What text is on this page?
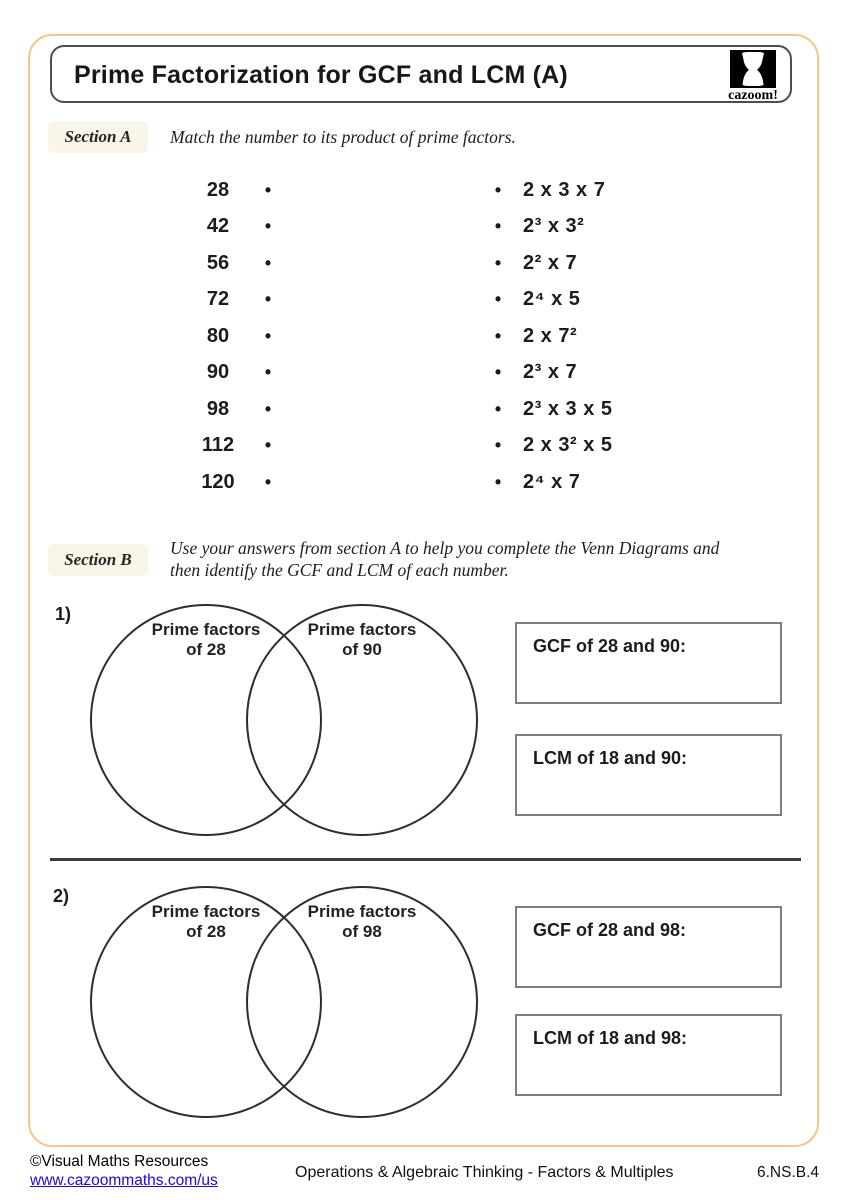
Prime Factorization for GCF and LCM (A)
cazoom!
Section A	Match the number to its product of prime factors.
28	•	•	2 x 3 x 7
42	•	•	2³ x 3²
56	•	•	2² x 7
72	•	•	2⁴ x 5
80	•	•	2 x 7²
90	•	•	2³ x 7
98	•	•	2³ x 3 x 5
112	•	•	2 x 3² x 5
120	•	•	2⁴ x 7
Section B
Use your answers from section A to help you complete the Venn Diagrams and
then identify the GCF and LCM of each number.
1)
Prime factors
of 28
Prime factors
of 90	GCF of 28 and 90:
LCM of 18 and 90:
2)
Prime factors
of 28
Prime factors
of 98	GCF of 28 and 98:
LCM of 18 and 98:
©Visual Maths Resources
www.cazoommaths.com/us	Operations & Algebraic Thinking - Factors & Multiples	6.NS.B.4
